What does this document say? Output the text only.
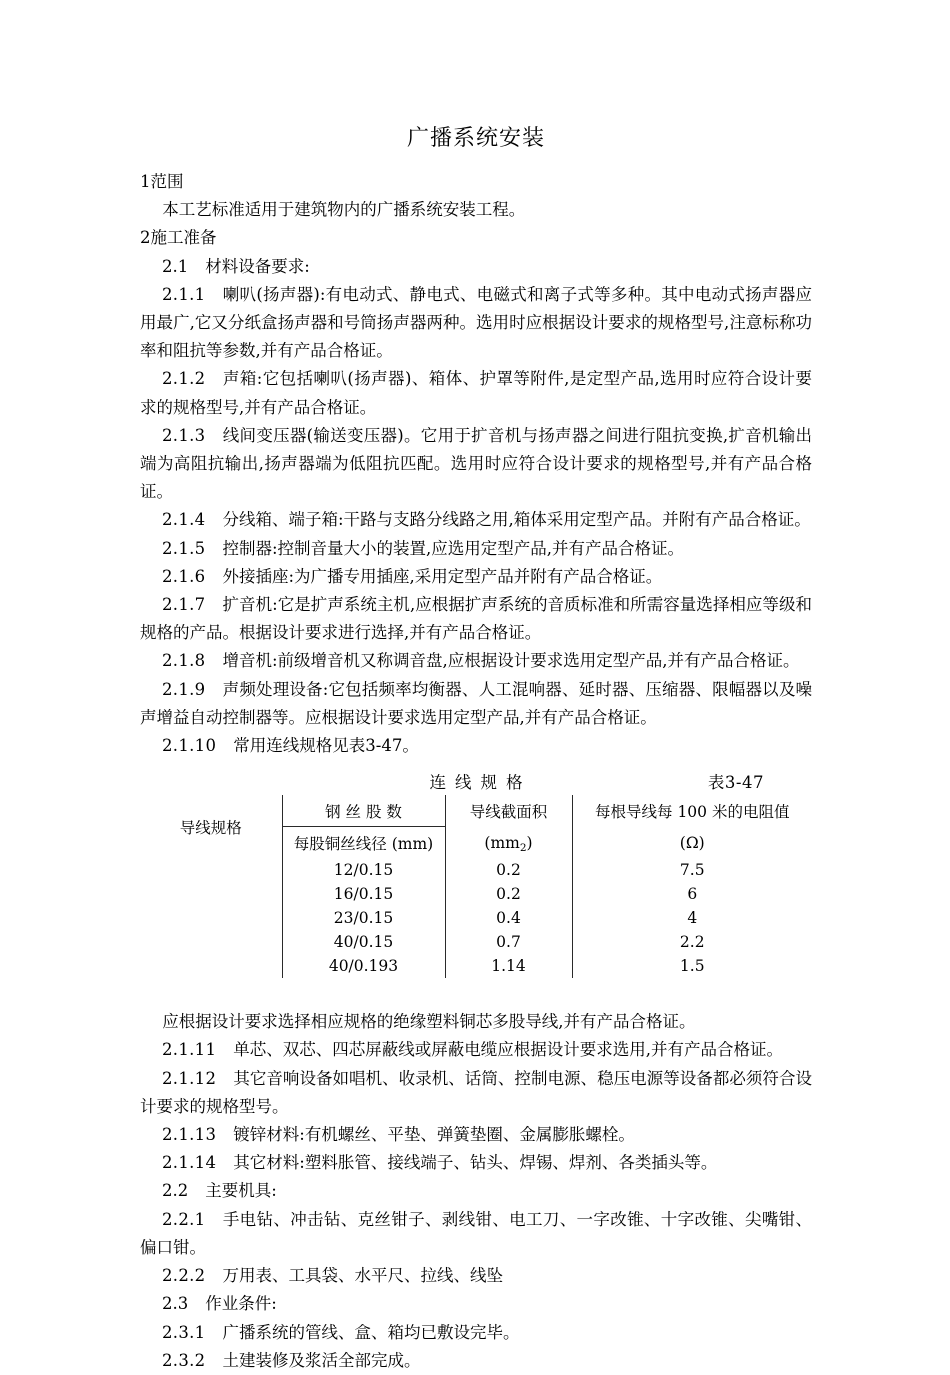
广播系统安装

1范围

本工艺标准适用于建筑物内的广播系统安装工程。

2施工准备

2.1 材料设备要求:

2.1.1 喇叭(扬声器):有电动式、静电式、电磁式和离子式等多种。其中电动式扬声器应用最广,它又分纸盒扬声器和号筒扬声器两种。选用时应根据设计要求的规格型号,注意标称功率和阻抗等参数,并有产品合格证。

2.1.2 声箱:它包括喇叭(扬声器)、箱体、护罩等附件,是定型产品,选用时应符合设计要求的规格型号,并有产品合格证。

2.1.3 线间变压器(输送变压器)。它用于扩音机与扬声器之间进行阻抗变换,扩音机输出端为高阻抗输出,扬声器端为低阻抗匹配。选用时应符合设计要求的规格型号,并有产品合格证。

2.1.4 分线箱、端子箱:干路与支路分线路之用,箱体采用定型产品。并附有产品合格证。

2.1.5 控制器:控制音量大小的装置,应选用定型产品,并有产品合格证。

2.1.6 外接插座:为广播专用插座,采用定型产品并附有产品合格证。

2.1.7 扩音机:它是扩声系统主机,应根据扩声系统的音质标准和所需容量选择相应等级和规格的产品。根据设计要求进行选择,并有产品合格证。

2.1.8 增音机:前级增音机又称调音盘,应根据设计要求选用定型产品,并有产品合格证。

2.1.9 声频处理设备:它包括频率均衡器、人工混响器、延时器、压缩器、限幅器以及噪声增益自动控制器等。应根据设计要求选用定型产品,并有产品合格证。

2.1.10 常用连线规格见表3-47。

连线规格	表3-47
导线规格	钢 丝 股 数	导线截面积	每根导线每 100 米的电阻值
	每股铜丝线径 (mm)	$(mm_2)$	(Ω)
	12/0.15	0.2	7.5
	16/0.15	0.2	6
	23/0.15	0.4	4
	40/0.15	0.7	2.2
	40/0.193	1.14	1.5

应根据设计要求选择相应规格的绝缘塑料铜芯多股导线,并有产品合格证。

2.1.11 单芯、双芯、四芯屏蔽线或屏蔽电缆应根据设计要求选用,并有产品合格证。

2.1.12 其它音响设备如唱机、收录机、话筒、控制电源、稳压电源等设备都必须符合设计要求的规格型号。

2.1.13 镀锌材料:有机螺丝、平垫、弹簧垫圈、金属膨胀螺栓。

2.1.14 其它材料:塑料胀管、接线端子、钻头、焊锡、焊剂、各类插头等。

2.2 主要机具:

2.2.1 手电钻、冲击钻、克丝钳子、剥线钳、电工刀、一字改锥、十字改锥、尖嘴钳、偏口钳。

2.2.2 万用表、工具袋、水平尺、拉线、线坠

2.3 作业条件:

2.3.1 广播系统的管线、盒、箱均已敷设完毕。

2.3.2 土建装修及浆活全部完成。
